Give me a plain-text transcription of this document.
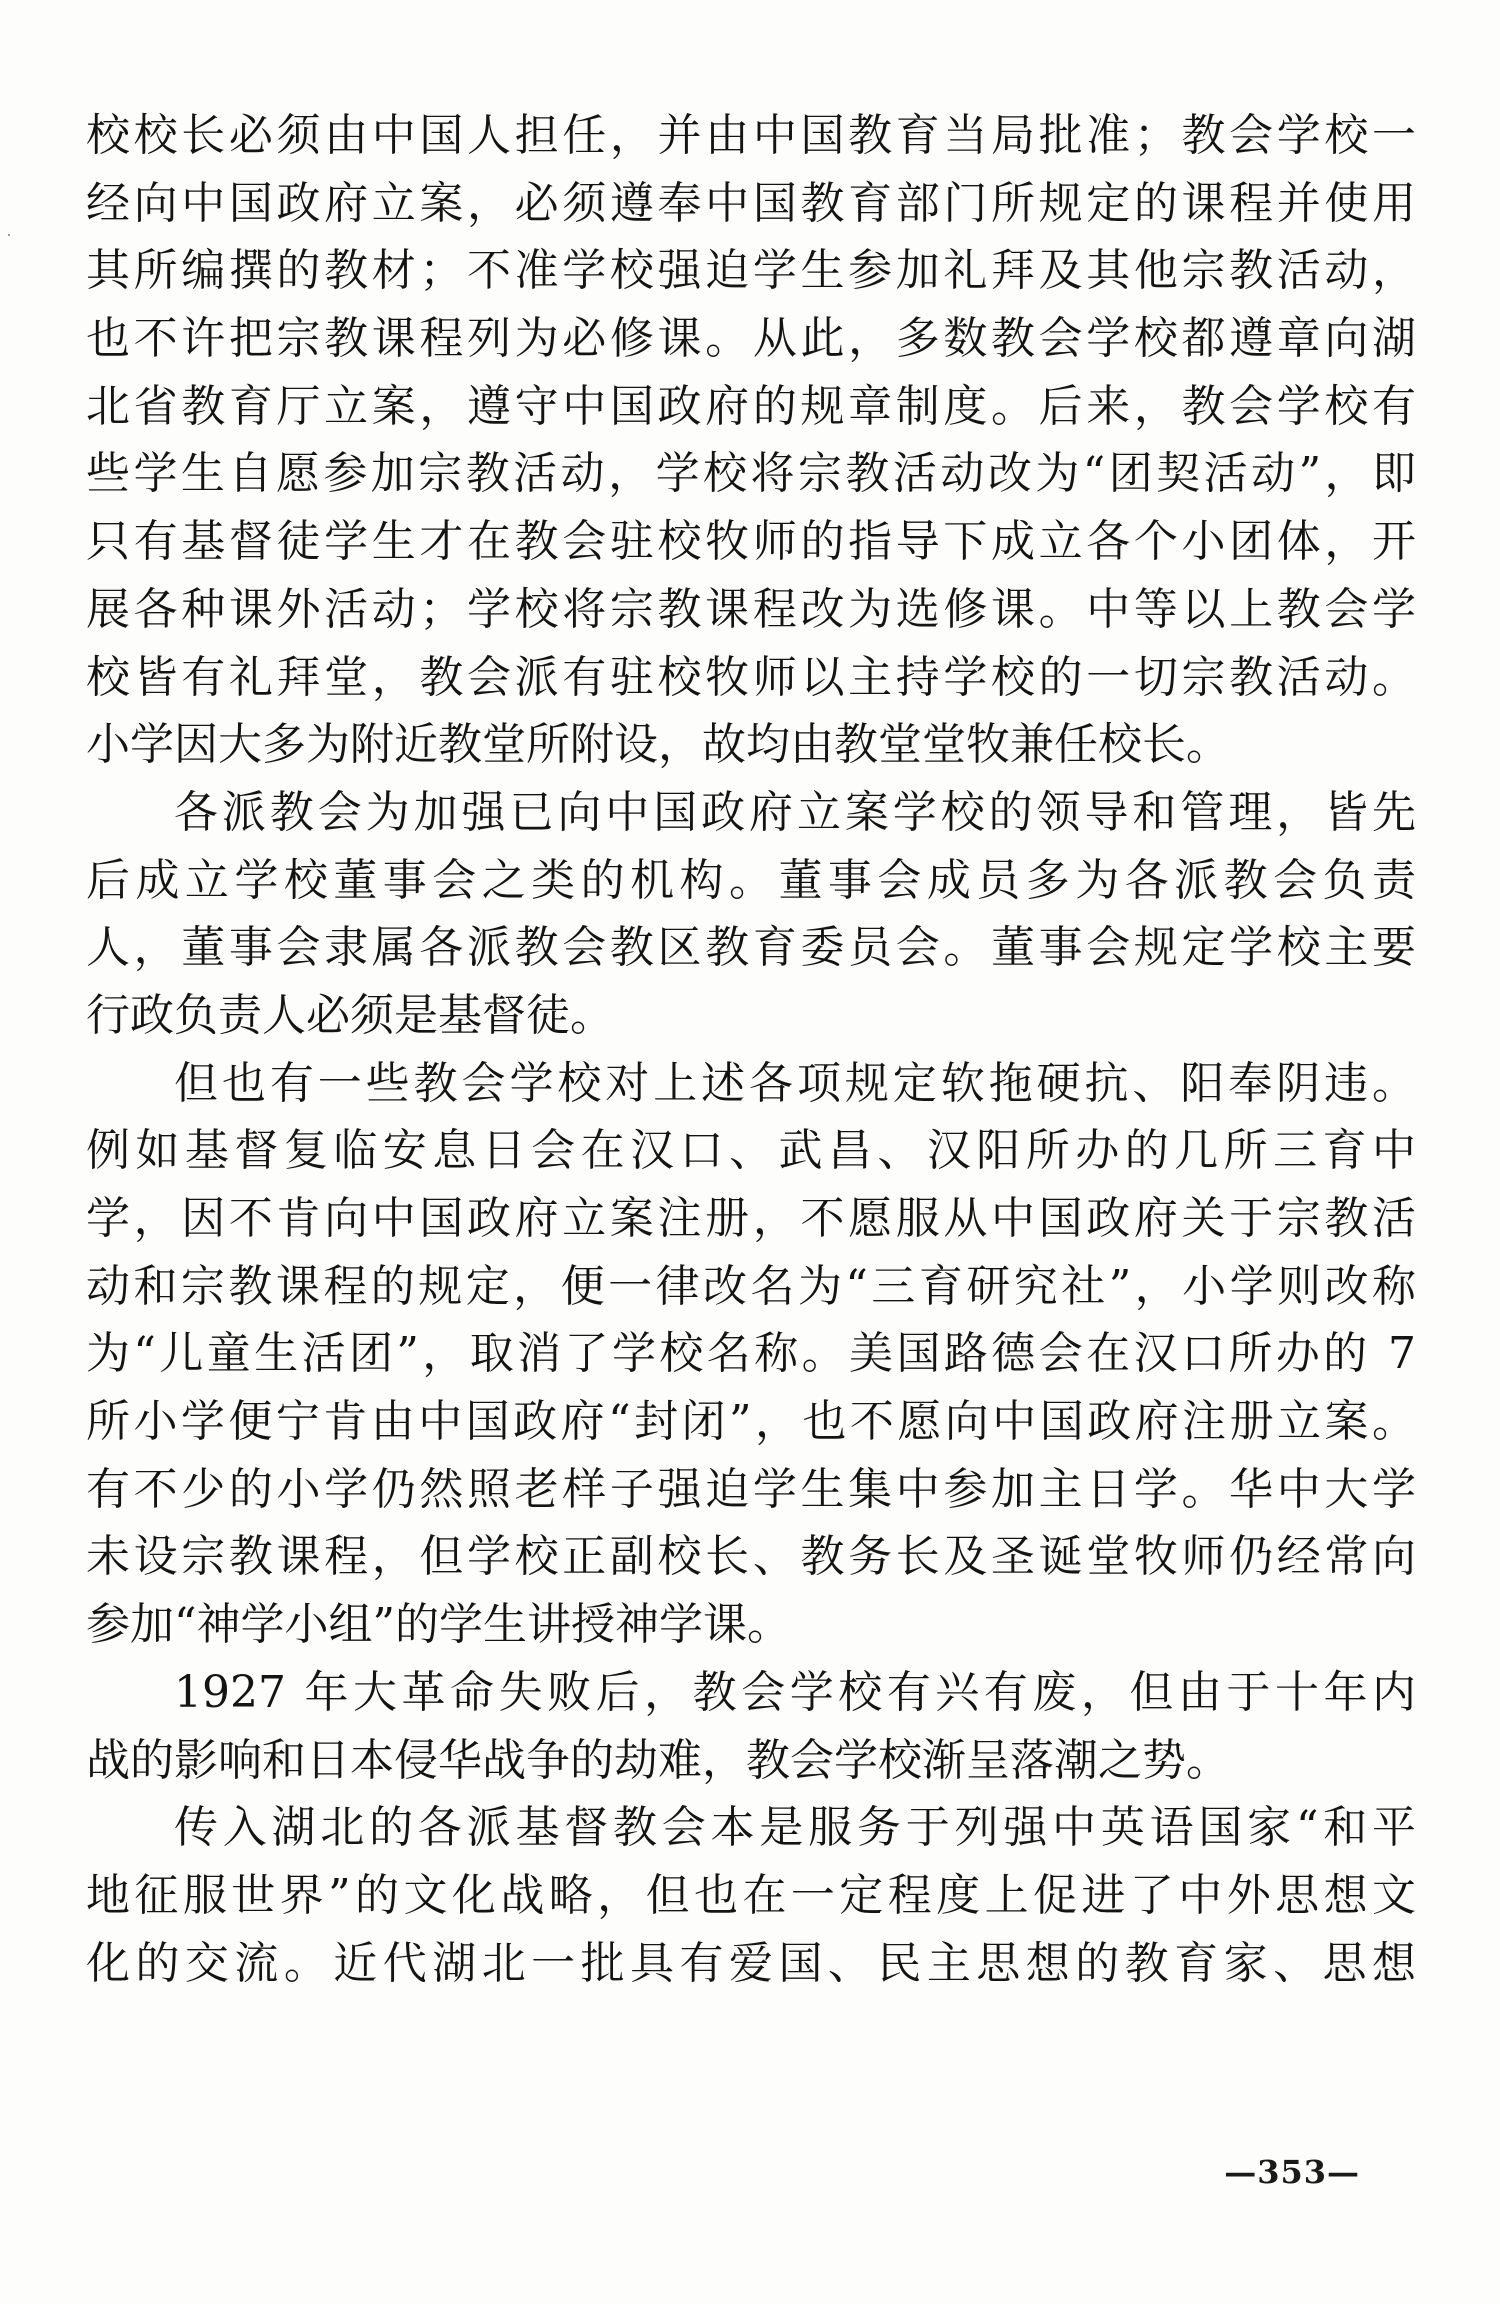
校校长必须由中国人担任，并由中国教育当局批准；教会学校一
经向中国政府立案，必须遵奉中国教育部门所规定的课程并使用
其所编撰的教材；不准学校强迫学生参加礼拜及其他宗教活动，
也不许把宗教课程列为必修课。从此，多数教会学校都遵章向湖
北省教育厅立案，遵守中国政府的规章制度。后来，教会学校有
些学生自愿参加宗教活动，学校将宗教活动改为“团契活动”，即
只有基督徒学生才在教会驻校牧师的指导下成立各个小团体，开
展各种课外活动；学校将宗教课程改为选修课。中等以上教会学
校皆有礼拜堂，教会派有驻校牧师以主持学校的一切宗教活动。
小学因大多为附近教堂所附设，故均由教堂堂牧兼任校长。
各派教会为加强已向中国政府立案学校的领导和管理，皆先
后成立学校董事会之类的机构。董事会成员多为各派教会负责
人，董事会隶属各派教会教区教育委员会。董事会规定学校主要
行政负责人必须是基督徒。
但也有一些教会学校对上述各项规定软拖硬抗、阳奉阴违。
例如基督复临安息日会在汉口、武昌、汉阳所办的几所三育中
学，因不肯向中国政府立案注册，不愿服从中国政府关于宗教活
动和宗教课程的规定，便一律改名为“三育研究社”，小学则改称
为“儿童生活团”，取消了学校名称。美国路德会在汉口所办的 7
所小学便宁肯由中国政府“封闭”，也不愿向中国政府注册立案。
有不少的小学仍然照老样子强迫学生集中参加主日学。华中大学
未设宗教课程，但学校正副校长、教务长及圣诞堂牧师仍经常向
参加“神学小组”的学生讲授神学课。
1927 年大革命失败后，教会学校有兴有废，但由于十年内
战的影响和日本侵华战争的劫难，教会学校渐呈落潮之势。
传入湖北的各派基督教会本是服务于列强中英语国家“和平
地征服世界”的文化战略，但也在一定程度上促进了中外思想文
化的交流。近代湖北一批具有爱国、民主思想的教育家、思想
—353—
